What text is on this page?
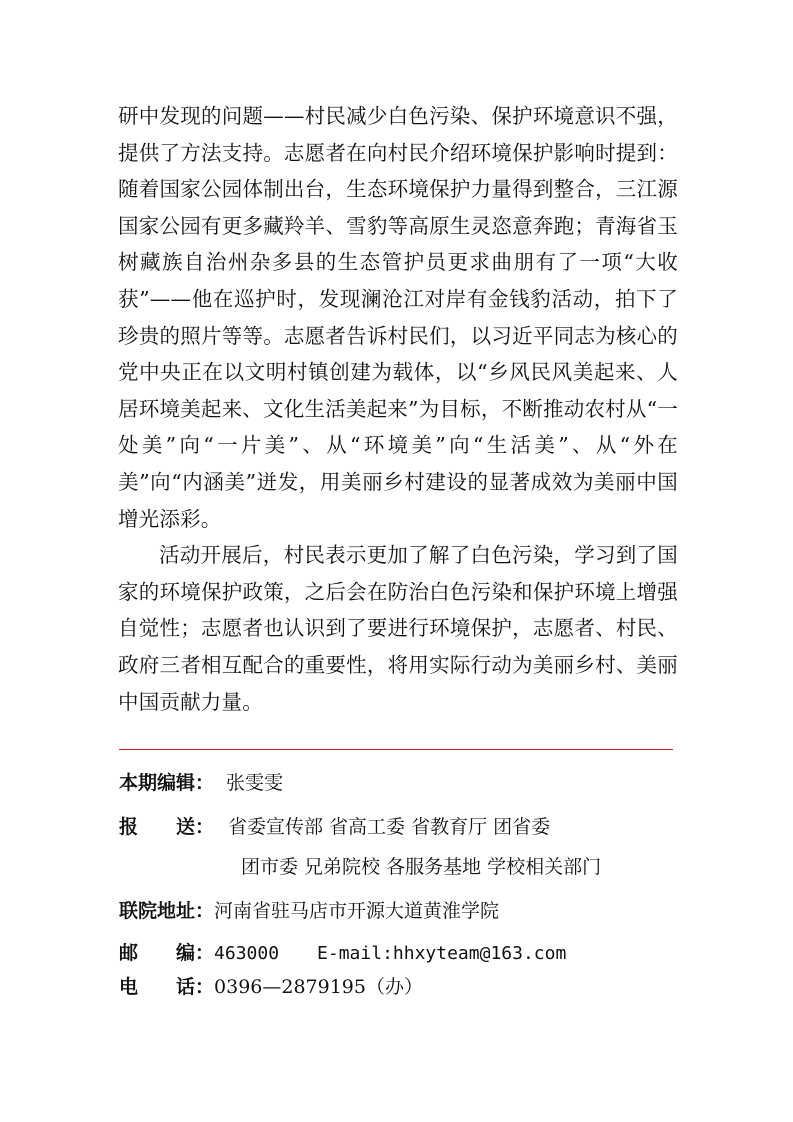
研中发现的问题——村民减少白色污染、保护环境意识不强，提供了方法支持。志愿者在向村民介绍环境保护影响时提到：随着国家公园体制出台，生态环境保护力量得到整合，三江源国家公园有更多藏羚羊、雪豹等高原生灵恣意奔跑；青海省玉树藏族自治州杂多县的生态管护员更求曲朋有了一项“大收获”——他在巡护时，发现澜沧江对岸有金钱豹活动，拍下了珍贵的照片等等。志愿者告诉村民们，以习近平同志为核心的党中央正在以文明村镇创建为载体，以“乡风民风美起来、人居环境美起来、文化生活美起来”为目标，不断推动农村从“一处美”向“一片美”、从“环境美”向“生活美”、从“外在美”向“内涵美”迸发，用美丽乡村建设的显著成效为美丽中国增光添彩。

活动开展后，村民表示更加了解了白色污染，学习到了国家的环境保护政策，之后会在防治白色污染和保护环境上增强自觉性；志愿者也认识到了要进行环境保护，志愿者、村民、政府三者相互配合的重要性，将用实际行动为美丽乡村、美丽中国贡献力量。

本期编辑： 张雯雯
报　　送： 省委宣传部 省高工委 省教育厅 团省委
团市委 兄弟院校 各服务基地 学校相关部门
联院地址：河南省驻马店市开源大道黄淮学院
邮　　编：463000 E-mail:hhxyteam@163.com
电　　话：0396—2879195（办）
